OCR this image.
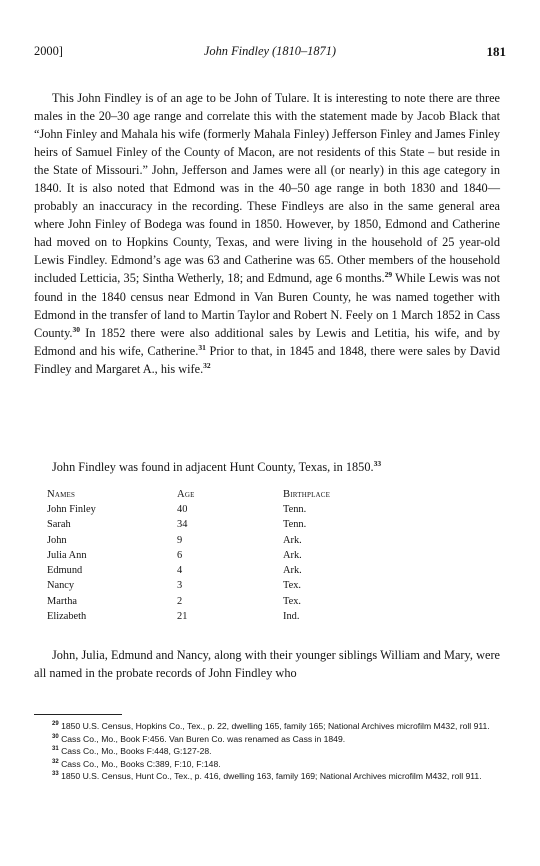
2000]	John Findley (1810–1871)	181

This John Findley is of an age to be John of Tulare. It is interesting to note there are three males in the 20–30 age range and correlate this with the statement made by Jacob Black that “John Finley and Mahala his wife (formerly Mahala Finley) Jefferson Finley and James Finley heirs of Samuel Finley of the County of Macon, are not residents of this State – but reside in the State of Missouri.” John, Jefferson and James were all (or nearly) in this age category in 1840. It is also noted that Edmond was in the 40–50 age range in both 1830 and 1840—probably an inaccuracy in the recording. These Findleys are also in the same general area where John Finley of Bodega was found in 1850. However, by 1850, Edmond and Catherine had moved on to Hopkins County, Texas, and were living in the household of 25 year-old Lewis Findley. Edmond’s age was 63 and Catherine was 65. Other members of the household included Letticia, 35; Sintha Wetherly, 18; and Edmund, age 6 months.$^{29}$ While Lewis was not found in the 1840 census near Edmond in Van Buren County, he was named together with Edmond in the transfer of land to Martin Taylor and Robert N. Feely on 1 March 1852 in Cass County.$^{30}$ In 1852 there were also additional sales by Lewis and Letitia, his wife, and by Edmond and his wife, Catherine.$^{31}$ Prior to that, in 1845 and 1848, there were sales by David Findley and Margaret A., his wife.$^{32}$

John Findley was found in adjacent Hunt County, Texas, in 1850.33
Names	Age	Birthplace
John Finley	40	Tenn.
Sarah	34	Tenn.
John	9	Ark.
Julia Ann	6	Ark.
Edmund	4	Ark.
Nancy	3	Tex.
Martha	2	Tex.
Elizabeth	21	Ind.

John, Julia, Edmund and Nancy, along with their younger siblings William and Mary, were all named in the probate records of John Findley who

$^{29}$ 1850 U.S. Census, Hopkins Co., Tex., p. 22, dwelling 165, family 165; National Archives microfilm M432, roll 911.

$^{30}$ Cass Co., Mo., Book F:456. Van Buren Co. was renamed as Cass in 1849.

$^{31}$ Cass Co., Mo., Books F:448, G:127-28.

$^{32}$ Cass Co., Mo., Books C:389, F:10, F:148.

$^{33}$ 1850 U.S. Census, Hunt Co., Tex., p. 416, dwelling 163, family 169; National Archives microfilm M432, roll 911.
